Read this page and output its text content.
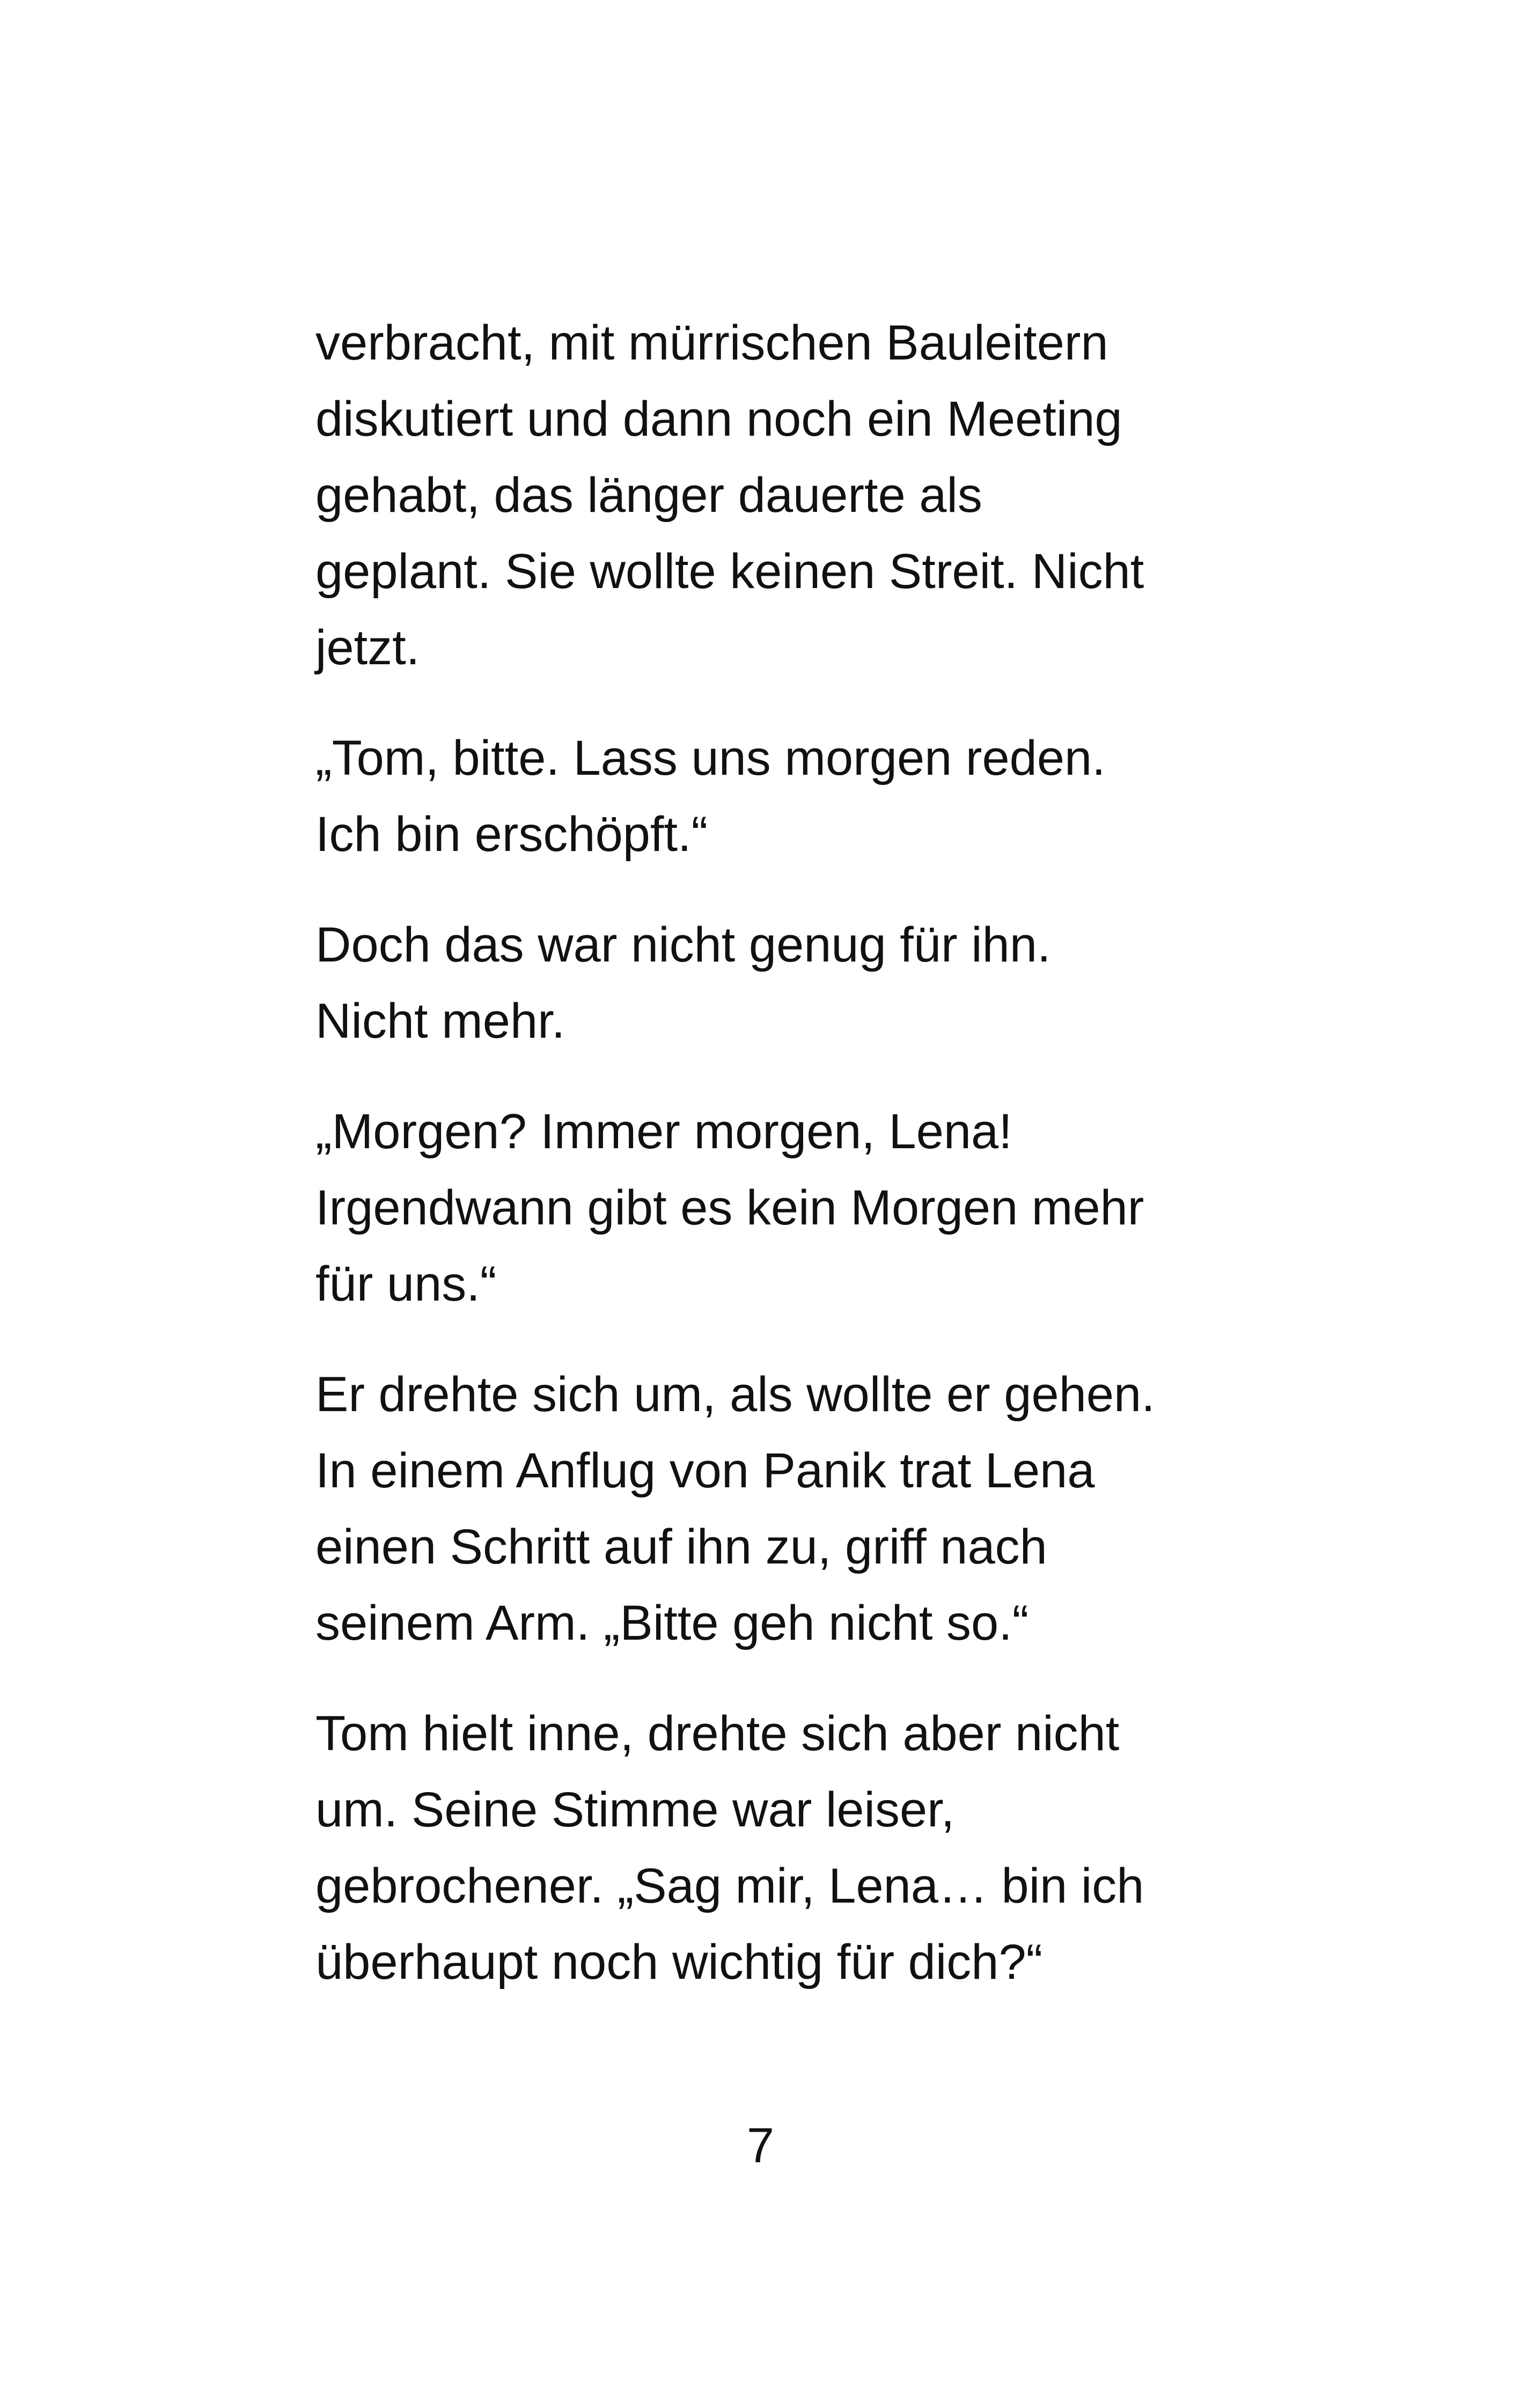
verbracht, mit mürrischen Bauleitern
diskutiert und dann noch ein Meeting
gehabt, das länger dauerte als
geplant. Sie wollte keinen Streit. Nicht
jetzt.

„Tom, bitte. Lass uns morgen reden.
Ich bin erschöpft.“

Doch das war nicht genug für ihn.
Nicht mehr.

„Morgen? Immer morgen, Lena!
Irgendwann gibt es kein Morgen mehr
für uns.“

Er drehte sich um, als wollte er gehen.
In einem Anflug von Panik trat Lena
einen Schritt auf ihn zu, griff nach
seinem Arm. „Bitte geh nicht so.“

Tom hielt inne, drehte sich aber nicht
um. Seine Stimme war leiser,
gebrochener. „Sag mir, Lena… bin ich
überhaupt noch wichtig für dich?“

7
